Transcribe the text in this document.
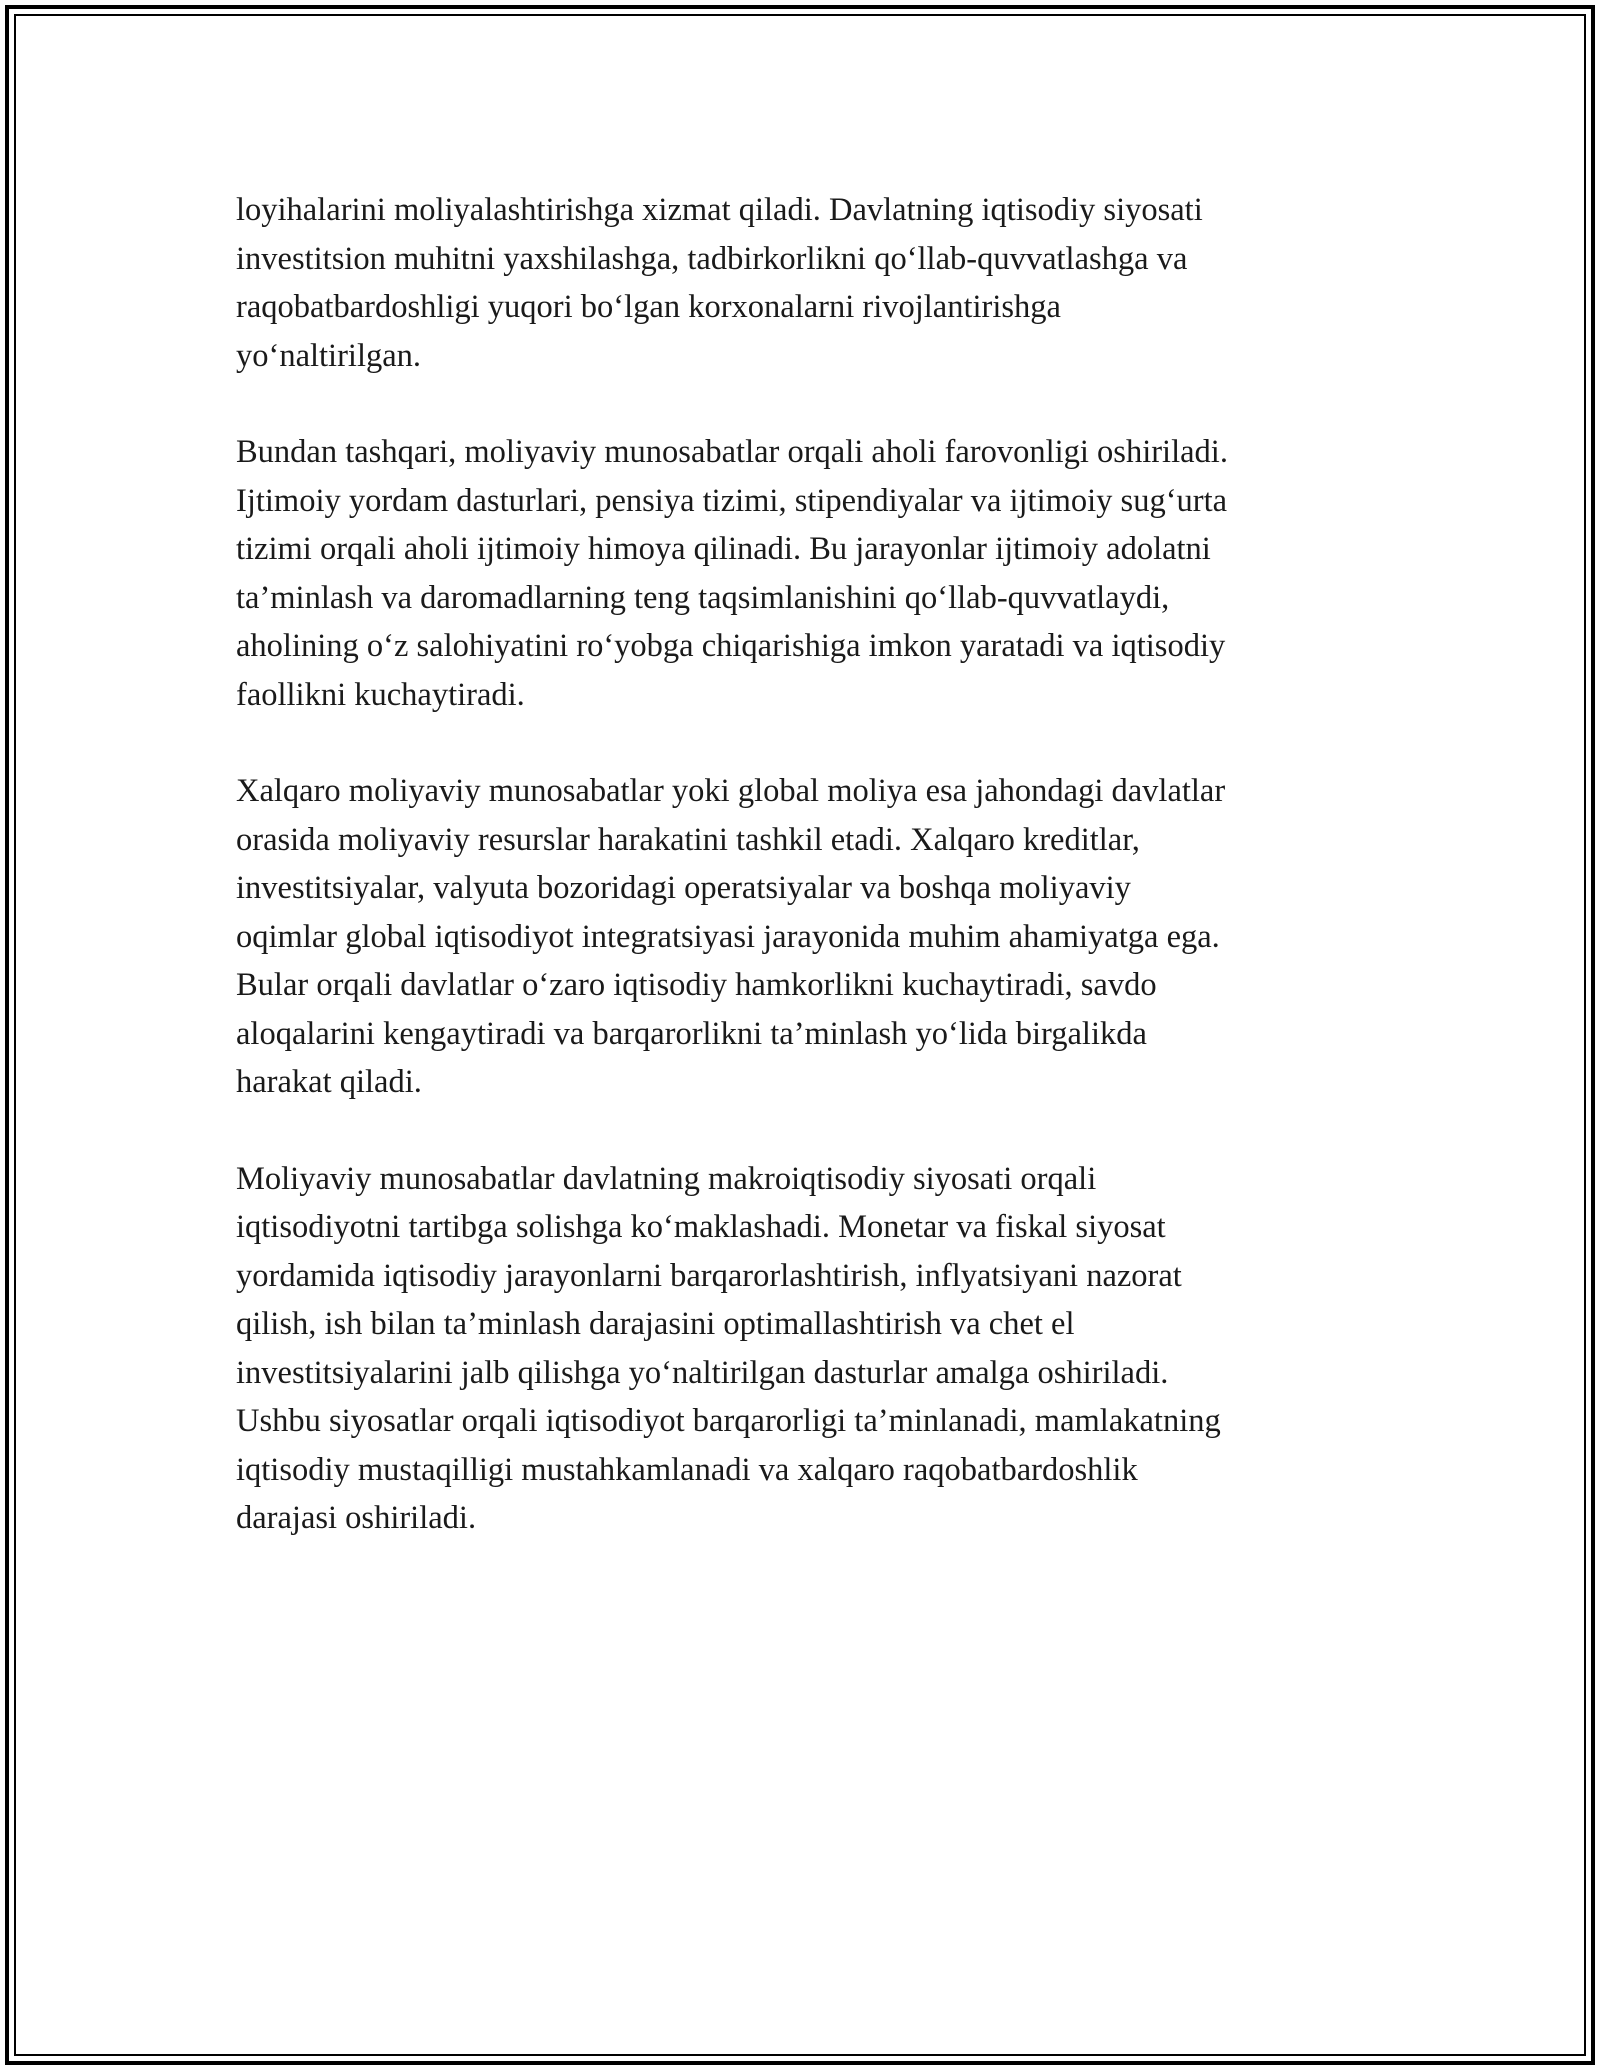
loyihalarini moliyalashtirishga xizmat qiladi. Davlatning iqtisodiy siyosati
investitsion muhitni yaxshilashga, tadbirkorlikni qo‘llab-quvvatlashga va
raqobatbardoshligi yuqori bo‘lgan korxonalarni rivojlantirishga
yo‘naltirilgan.

Bundan tashqari, moliyaviy munosabatlar orqali aholi farovonligi oshiriladi.
Ijtimoiy yordam dasturlari, pensiya tizimi, stipendiyalar va ijtimoiy sug‘urta
tizimi orqali aholi ijtimoiy himoya qilinadi. Bu jarayonlar ijtimoiy adolatni
ta’minlash va daromadlarning teng taqsimlanishini qo‘llab-quvvatlaydi,
aholining o‘z salohiyatini ro‘yobga chiqarishiga imkon yaratadi va iqtisodiy
faollikni kuchaytiradi.

Xalqaro moliyaviy munosabatlar yoki global moliya esa jahondagi davlatlar
orasida moliyaviy resurslar harakatini tashkil etadi. Xalqaro kreditlar,
investitsiyalar, valyuta bozoridagi operatsiyalar va boshqa moliyaviy
oqimlar global iqtisodiyot integratsiyasi jarayonida muhim ahamiyatga ega.
Bular orqali davlatlar o‘zaro iqtisodiy hamkorlikni kuchaytiradi, savdo
aloqalarini kengaytiradi va barqarorlikni ta’minlash yo‘lida birgalikda
harakat qiladi.

Moliyaviy munosabatlar davlatning makroiqtisodiy siyosati orqali
iqtisodiyotni tartibga solishga ko‘maklashadi. Monetar va fiskal siyosat
yordamida iqtisodiy jarayonlarni barqarorlashtirish, inflyatsiyani nazorat
qilish, ish bilan ta’minlash darajasini optimallashtirish va chet el
investitsiyalarini jalb qilishga yo‘naltirilgan dasturlar amalga oshiriladi.
Ushbu siyosatlar orqali iqtisodiyot barqarorligi ta’minlanadi, mamlakatning
iqtisodiy mustaqilligi mustahkamlanadi va xalqaro raqobatbardoshlik
darajasi oshiriladi.
